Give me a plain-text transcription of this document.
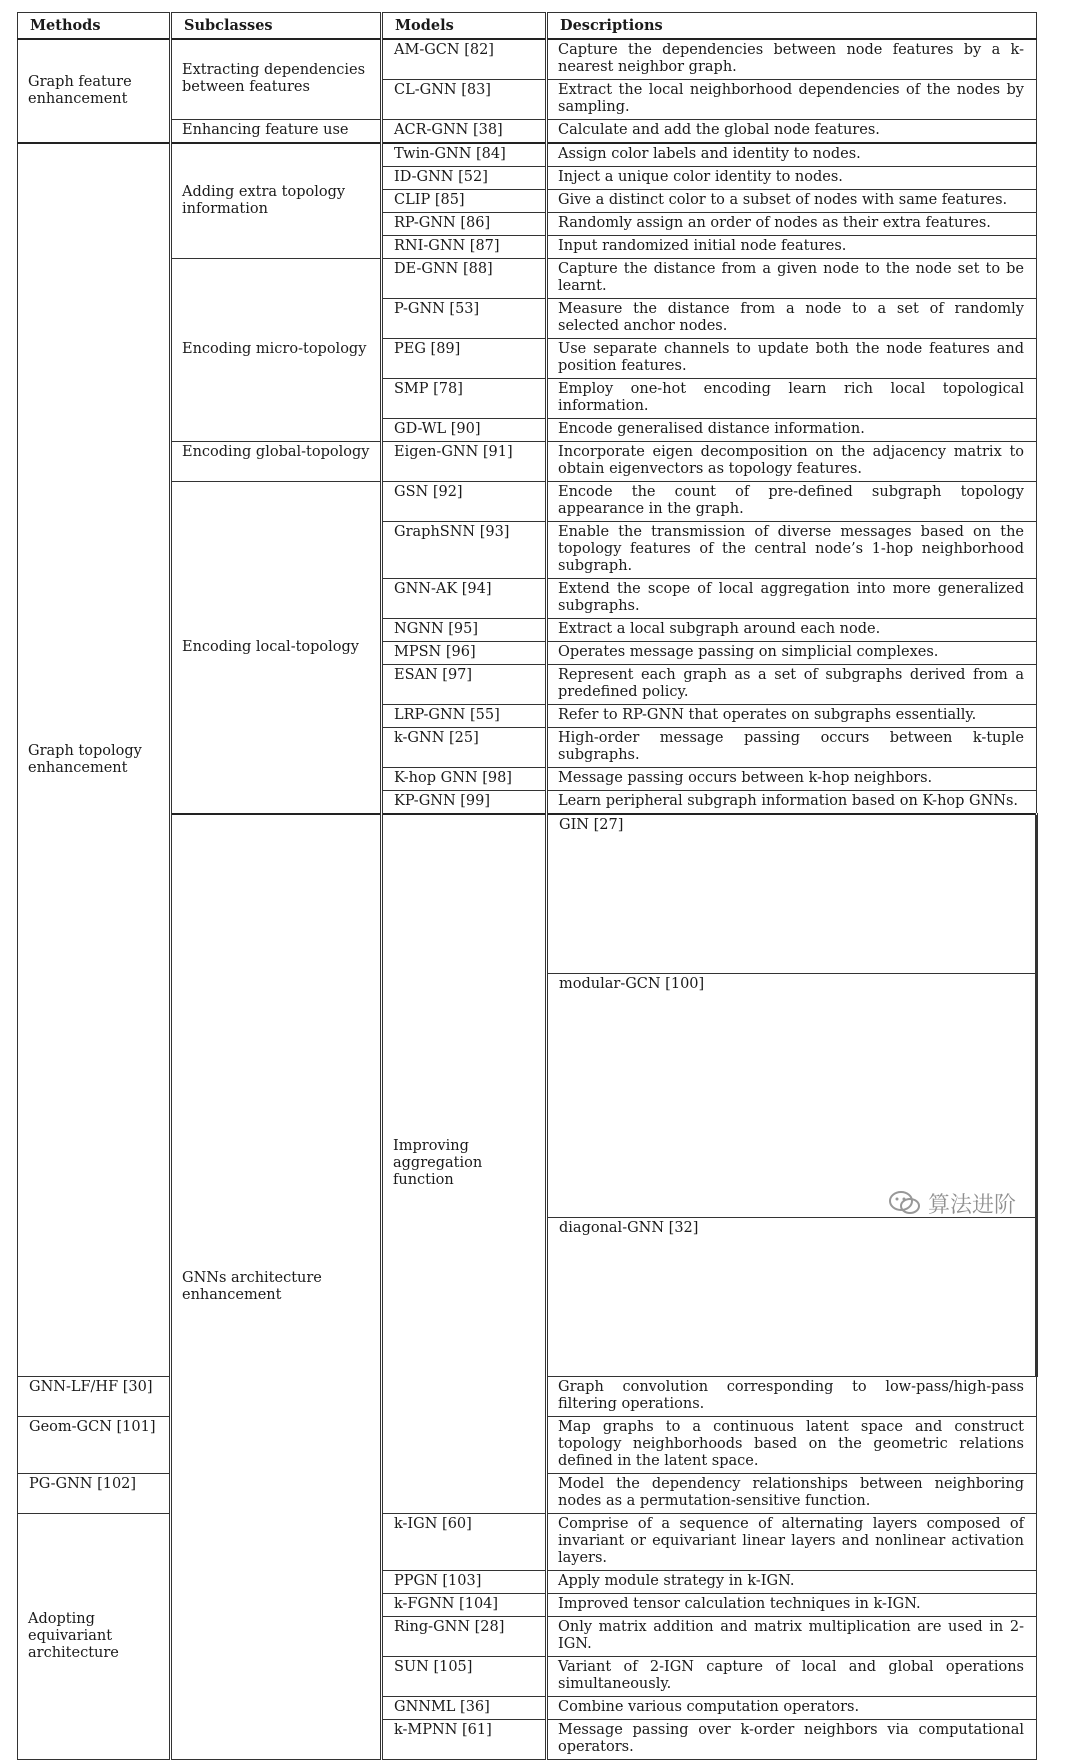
Methods	Subclasses	Models	Descriptions	
Graph feature enhancement	Extracting dependencies between features	AM-GCN [82]	Capture the dependencies between node features by a k-nearest neighbor graph.	
		CL-GNN [83]	Extract the local neighborhood dependencies of the nodes by sampling.	
	Enhancing feature use	ACR-GNN [38]	Calculate and add the global node features.	
Graph topology enhancement	Adding extra topology information	Twin-GNN [84]	Assign color labels and identity to nodes.	
		ID-GNN [52]	Inject a unique color identity to nodes.	
		CLIP [85]	Give a distinct color to a subset of nodes with same features.	
		RP-GNN [86]	Randomly assign an order of nodes as their extra features.	
		RNI-GNN [87]	Input randomized initial node features.	
	Encoding micro-topology	DE-GNN [88]	Capture the distance from a given node to the node set to be learnt.	
		P-GNN [53]	Measure the distance from a node to a set of randomly selected anchor nodes.	
		PEG [89]	Use separate channels to update both the node features and position features.	
		SMP [78]	Employ one-hot encoding learn rich local topological information.	
		GD-WL [90]	Encode generalised distance information.	
	Encoding global-topology	Eigen-GNN [91]	Incorporate eigen decomposition on the adjacency matrix to obtain eigenvectors as topology features.	
	Encoding local-topology	GSN [92]	Encode the count of pre-defined subgraph topology appearance in the graph.	
		GraphSNN [93]	Enable the transmission of diverse messages based on the topology features of the central node’s 1-hop neighborhood subgraph.	
		GNN-AK [94]	Extend the scope of local aggregation into more generalized subgraphs.	
		NGNN [95]	Extract a local subgraph around each node.	
		MPSN [96]	Operates message passing on simplicial complexes.	
		ESAN [97]	Represent each graph as a set of subgraphs derived from a predefined policy.	
		LRP-GNN [55]	Refer to RP-GNN that operates on subgraphs essentially.	
		k-GNN [25]	High-order message passing occurs between k-tuple subgraphs.	
		K-hop GNN [98]	Message passing occurs between k-hop neighbors.	
		KP-GNN [99]	Learn peripheral subgraph information based on K-hop GNNs.	
	GNNs architecture enhancement	Improving aggregation function	GIN [27]	
			modular-GCN [100]	
			diagonal-GNN [32]	
GNN-LF/HF [30]			Graph convolution corresponding to low-pass/high-pass filtering operations.	
Geom-GCN [101]			Map graphs to a continuous latent space and construct topology neighborhoods based on the geometric relations defined in the latent space.	
PG-GNN [102]			Model the dependency relationships between neighboring nodes as a permutation-sensitive function.	
Adopting equivariant architecture		k-IGN [60]	Comprise of a sequence of alternating layers composed of invariant or equivariant linear layers and nonlinear activation layers.	
		PPGN [103]	Apply module strategy in k-IGN.	
		k-FGNN [104]	Improved tensor calculation techniques in k-IGN.	
		Ring-GNN [28]	Only matrix addition and matrix multiplication are used in 2-IGN.	
		SUN [105]	Variant of 2-IGN capture of local and global operations simultaneously.	
		GNNML [36]	Combine various computation operators.	
		k-MPNN [61]	Message passing over k-order neighbors via computational operators.	
算法进阶
